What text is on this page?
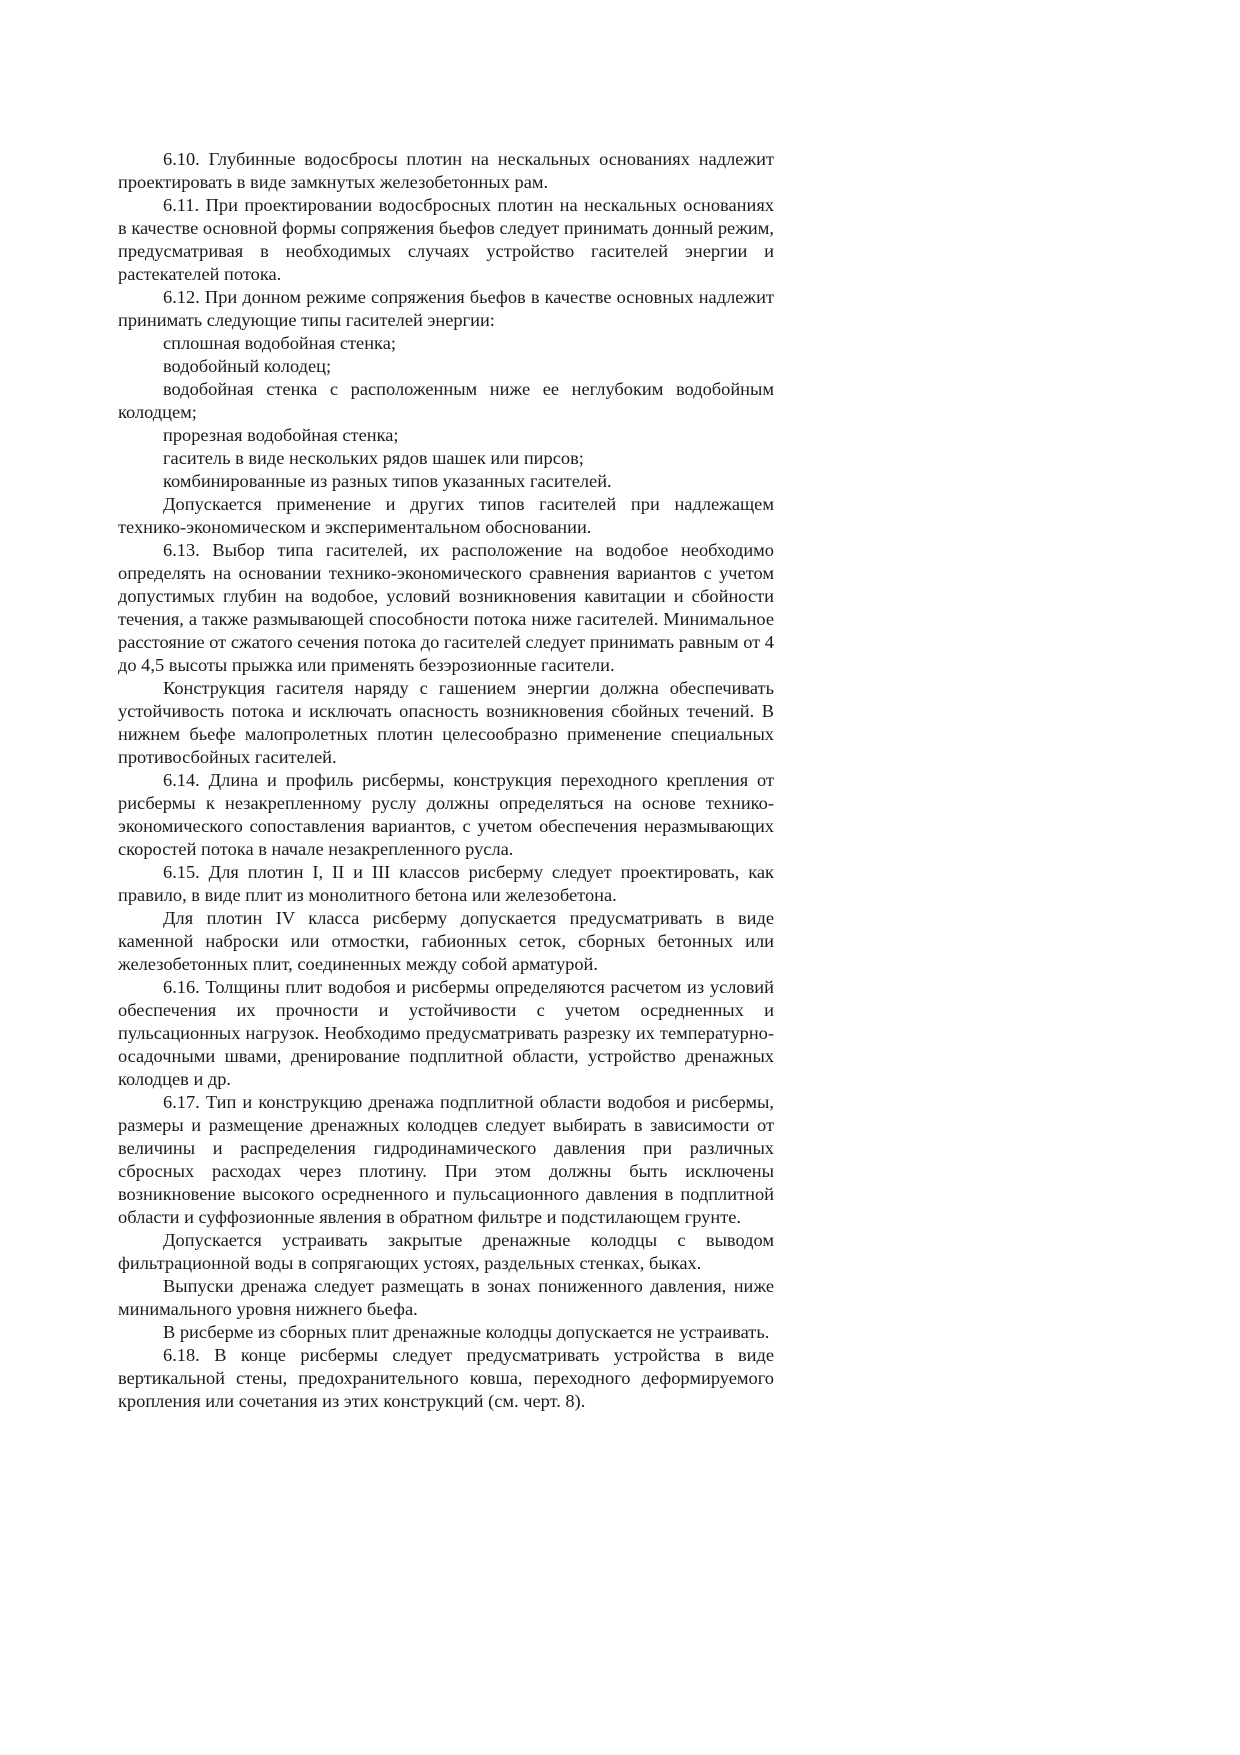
6.10. Глубинные водосбросы плотин на нескальных основаниях надлежит проектировать в виде замкнутых железобетонных рам.

6.11. При проектировании водосбросных плотин на нескальных основаниях в качестве основной формы сопряжения бьефов следует принимать донный режим, предусматривая в необходимых случаях устройство гасителей энергии и растекателей потока.

6.12. При донном режиме сопряжения бьефов в качестве основных надлежит принимать следующие типы гасителей энергии:

сплошная водобойная стенка;

водобойный колодец;

водобойная стенка с расположенным ниже ее неглубоким водобойным колодцем;

прорезная водобойная стенка;

гаситель в виде нескольких рядов шашек или пирсов;

комбинированные из разных типов указанных гасителей.

Допускается применение и других типов гасителей при надлежащем технико-экономическом и экспериментальном обосновании.

6.13. Выбор типа гасителей, их расположение на водобое необходимо определять на основании технико-экономического сравнения вариантов с учетом допустимых глубин на водобое, условий возникновения кавитации и сбойности течения, а также размывающей способности потока ниже гасителей. Минимальное расстояние от сжатого сечения потока до гасителей следует принимать равным от 4 до 4,5 высоты прыжка или применять безэрозионные гасители.

Конструкция гасителя наряду с гашением энергии должна обеспечивать устойчивость потока и исключать опасность возникновения сбойных течений. В нижнем бьефе малопролетных плотин целесообразно применение специальных противосбойных гасителей.

6.14. Длина и профиль рисбермы, конструкция переходного крепления от рисбермы к незакрепленному руслу должны определяться на основе технико-экономического сопоставления вариантов, с учетом обеспечения неразмывающих скоростей потока в начале незакрепленного русла.

6.15. Для плотин I, II и III классов рисберму следует проектировать, как правило, в виде плит из монолитного бетона или железобетона.

Для плотин IV класса рисберму допускается предусматривать в виде каменной наброски или отмостки, габионных сеток, сборных бетонных или железобетонных плит, соединенных между собой арматурой.

6.16. Толщины плит водобоя и рисбермы определяются расчетом из условий обеспечения их прочности и устойчивости с учетом осредненных и пульсационных нагрузок. Необходимо предусматривать разрезку их температурно-осадочными швами, дренирование подплитной области, устройство дренажных колодцев и др.

6.17. Тип и конструкцию дренажа подплитной области водобоя и рисбермы, размеры и размещение дренажных колодцев следует выбирать в зависимости от величины и распределения гидродинамического давления при различных сбросных расходах через плотину. При этом должны быть исключены возникновение высокого осредненного и пульсационного давления в подплитной области и суффозионные явления в обратном фильтре и подстилающем грунте.

Допускается устраивать закрытые дренажные колодцы с выводом фильтрационной воды в сопрягающих устоях, раздельных стенках, быках.

Выпуски дренажа следует размещать в зонах пониженного давления, ниже минимального уровня нижнего бьефа.

В рисберме из сборных плит дренажные колодцы допускается не устраивать.

6.18. В конце рисбермы следует предусматривать устройства в виде вертикальной стены, предохранительного ковша, переходного деформируемого кропления или сочетания из этих конструкций (см. черт. 8).
